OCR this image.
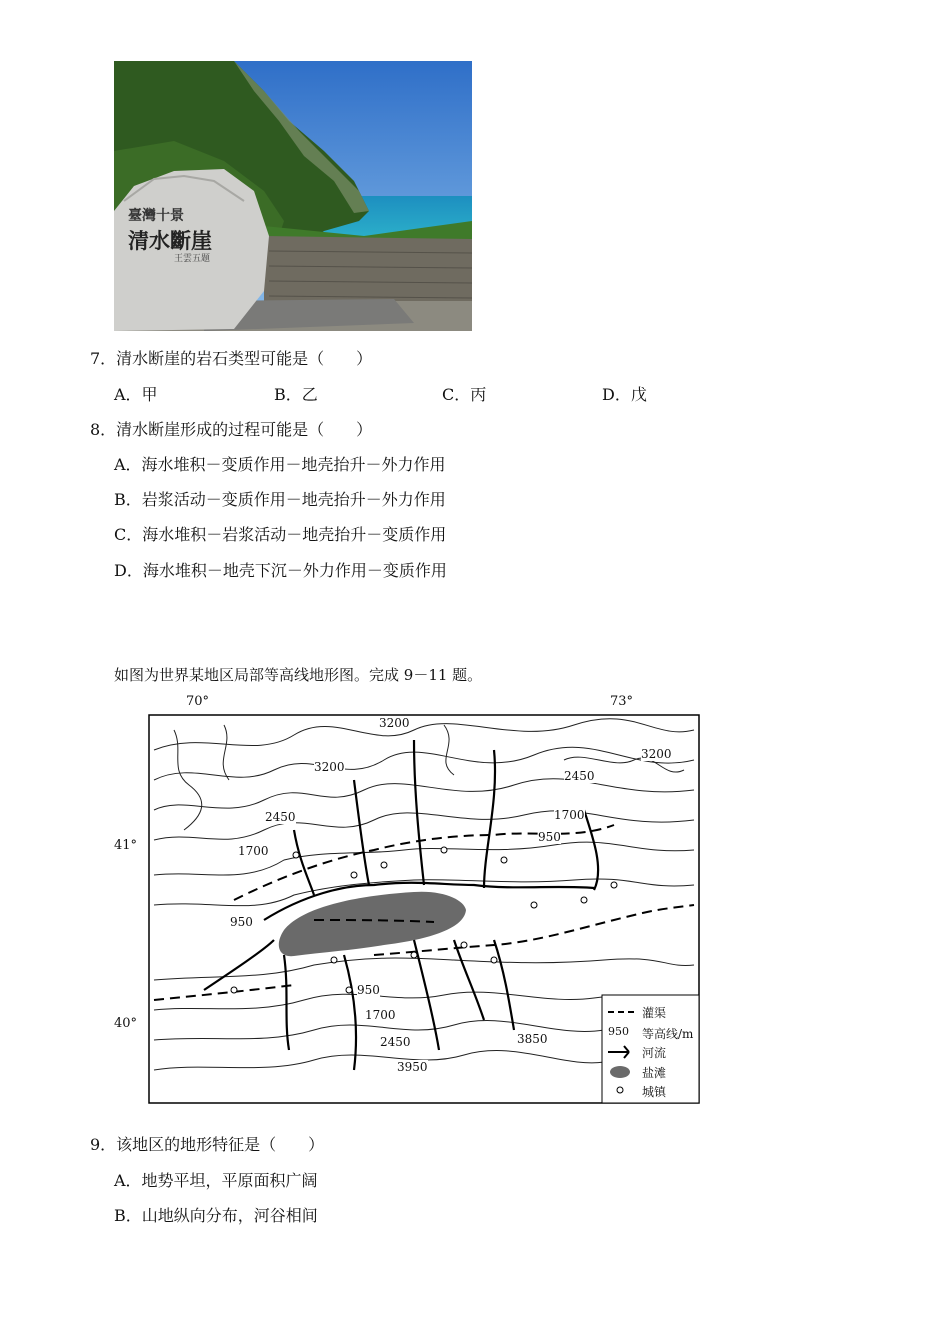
臺灣十景
清水斷崖
王雲五題
7．清水断崖的岩石类型可能是（　　）
A．甲	B．乙	C．丙	D．戊
8．清水断崖形成的过程可能是（　　）
A．海水堆积－变质作用－地壳抬升－外力作用
B．岩浆活动－变质作用－地壳抬升－外力作用
C．海水堆积－岩浆活动－地壳抬升－变质作用
D．海水堆积－地壳下沉－外力作用－变质作用
如图为世界某地区局部等高线地形图。完成 9－11 题。
70°	73°
41°
40°
3200
3200
3200
2450
2450
1700
1700
950
950
950
1700
2450	3850
3950
灌渠
950 等高线/m
河流
盐滩
城镇
9．该地区的地形特征是（　　）
A．地势平坦，平原面积广阔
B．山地纵向分布，河谷相间
